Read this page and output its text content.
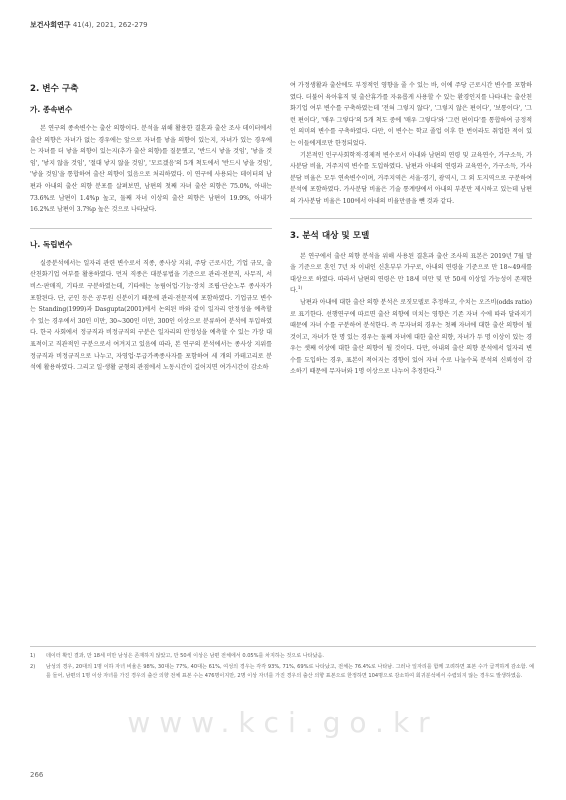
보건사회연구 41(4), 2021, 262-279
2. 변수 구축
가. 종속변수

본 연구의 종속변수는 출산 의향이다. 분석을 위해 활용한 결혼과 출산 조사 데이터에서 출산 의향은 자녀가 없는 경우에는 앞으로 자녀를 낳을 의향이 있는지, 자녀가 있는 경우에는 자녀를 더 낳을 의향이 있는지(추가 출산 의향)를 질문했고, '반드시 낳을 것임', '낳을 것임', '낳지 않을 것임', '절대 낳지 않을 것임', '모르겠음'의 5개 척도에서 '반드시 낳을 것임', '낳을 것임'을 통합하여 출산 의향이 있음으로 처리하였다. 이 연구에 사용되는 데이터의 남편과 아내의 출산 의향 분포를 살펴보면, 남편의 첫째 자녀 출산 의향은 75.0%, 아내는 73.6%로 남편이 1.4%p 높고, 둘째 자녀 이상의 출산 의향은 남편이 19.9%, 아내가 16.2%로 남편이 3.7%p 높은 것으로 나타났다.

나. 독립변수

실증분석에서는 일자리 관련 변수로서 직종, 종사상 지위, 주당 근로시간, 기업 규모, 출산친화기업 여부를 활용하였다. 먼저 직종은 대분류법을 기준으로 관리·전문직, 사무직, 서비스·판매직, 기타로 구분하였는데, 기타에는 농림어업·기능·장치 조립·단순노무 종사자가 포함된다. 단, 군인 등은 공무원 신분이기 때문에 관리·전문직에 포함하였다. 기업규모 변수는 Standing(1999)과 Dasgupta(2001)에서 논의된 바와 같이 일자리 안정성을 예측할 수 있는 경우에서 30인 미만, 30~300인 미만, 300인 이상으로 분류하여 분석에 투입하였다. 한국 사회에서 정규직과 비정규직의 구분은 일자리의 안정성을 예측할 수 있는 가장 대표적이고 직관적인 구분으로서 여겨지고 있음에 따라, 본 연구의 분석에서는 종사상 지위를 정규직과 비정규직으로 나누고, 자영업·무급가족종사자를 포함하여 세 개의 카테고리로 분석에 활용하였다. 그리고 일·생활 균형의 관점에서 노동시간이 길어지면 여가시간이 감소하

여 가정생활과 출산에도 부정적인 영향을 줄 수 있는 바, 이에 주당 근로시간 변수를 포함하였다. 더불어 육아휴직 및 출산휴가를 자유롭게 사용할 수 있는 환경인지를 나타내는 출산친화기업 여부 변수를 구축하였는데 '전혀 그렇지 않다', '그렇지 않은 편이다', '보통이다', '그런 편이다', '매우 그렇다'의 5개 척도 중에 '매우 그렇다'와 '그런 편이다'를 통합하여 긍정적인 의미의 변수를 구축하였다. 다만, 이 변수는 학교 졸업 이후 한 번이라도 취업한 적이 있는 이들에게로만 한정되었다.

기본적인 인구사회학적·경제적 변수로서 아내와 남편의 연령 및 교육연수, 가구소득, 가사분담 비율, 거주지역 변수를 도입하였다. 남편과 아내의 연령과 교육연수, 가구소득, 가사분담 비율은 모두 연속변수이며, 거주지역은 서울·경기, 광역시, 그 외 도지역으로 구분하여 분석에 포함하였다. 가사분담 비율은 기술 통계량에서 아내의 부분만 제시하고 있는데 남편의 가사분담 비율은 100에서 아내의 비율만큼을 뺀 것과 같다.

3. 분석 대상 및 모델

본 연구에서 출산 의향 분석을 위해 사용된 결혼과 출산 조사의 표본은 2019년 7월 말을 기준으로 혼인 7년 차 이내인 신혼부부 가구로, 아내의 연령을 기준으로 만 18~49세를 대상으로 하였다. 따라서 남편의 연령은 만 18세 미만 및 만 50세 이상일 가능성이 존재한다.$^{1)}$

남편과 아내에 대한 출산 의향 분석은 로짓모델로 추정하고, 수치는 오즈비(odds ratio)로 표기한다. 선행연구에 따르면 출산 의향에 미치는 영향은 기존 자녀 수에 따라 달라지기 때문에 자녀 수를 구분하여 분석한다. 즉 무자녀의 경우는 첫째 자녀에 대한 출산 의향이 될 것이고, 자녀가 한 명 있는 경우는 둘째 자녀에 대한 출산 의향, 자녀가 두 명 이상이 있는 경우는 셋째 이상에 대한 출산 의향이 될 것이다. 다만, 아내의 출산 의향 분석에서 일자리 변수를 도입하는 경우, 표본이 적어지는 경향이 있어 자녀 수로 나눌수록 분석의 신뢰성이 감소하기 때문에 무자녀와 1명 이상으로 나누어 추정한다.$^{2)}$

1)	데이터 확인 결과, 만 18세 미만 남성은 존재하지 않았고, 만 50세 이상은 남편 전체에서 0.05%를 차지하는 것으로 나타났음.
2)	남성의 경우, 20대의 1명 이하 자녀 비율은 98%, 30대는 77%, 40대는 61%, 여성의 경우는 각각 93%, 71%, 69%로 나타났고, 전체는 76.4%로 나타남. 그러나 일자리를 함께 고려하면 표본 수가 급격하게 감소함. 예를 들어, 남편의 1명 이상 자녀를 가진 경우의 출산 의향 전체 표본 수는 476명이지만, 2명 이상 자녀를 가진 경우의 출산 의향 표본으로 한정하면 104명으로 감소하여 회귀분석에서 수렴되지 않는 경우도 발생하였음.
www.kci.go.kr
266
